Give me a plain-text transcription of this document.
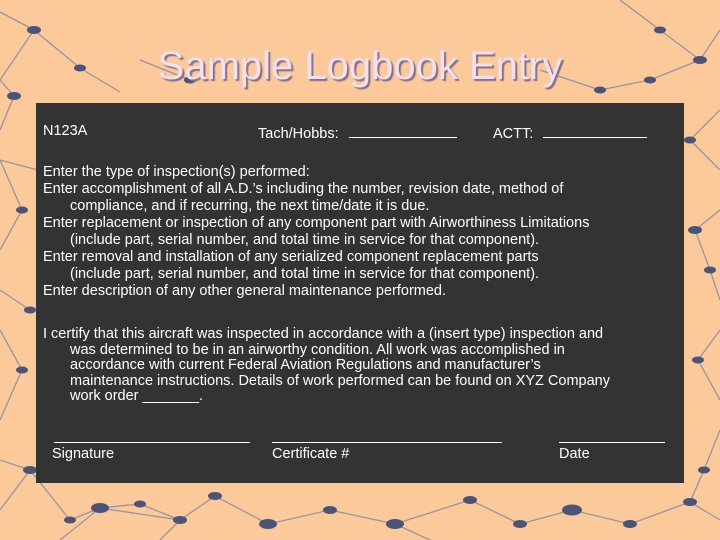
Sample Logbook Entry
N123A	Tach/Hobbs:	ACTT:
Enter the type of inspection(s) performed:
Enter accomplishment of all A.D.’s including the number, revision date, method of
compliance, and if recurring, the next time/date it is due.
Enter replacement or inspection of any component part with Airworthiness Limitations
(include part, serial number, and total time in service for that component).
Enter removal and installation of any serialized component replacement parts
(include part, serial number, and total time in service for that component).
Enter description of any other general maintenance performed.
I certify that this aircraft was inspected in accordance with a (insert type) inspection and
was determined to be in an airworthy condition. All work was accomplished in
accordance with current Federal Aviation Regulations and manufacturer’s
maintenance instructions. Details of work performed can be found on XYZ Company
work order _______.
Signature	Certificate #	Date
